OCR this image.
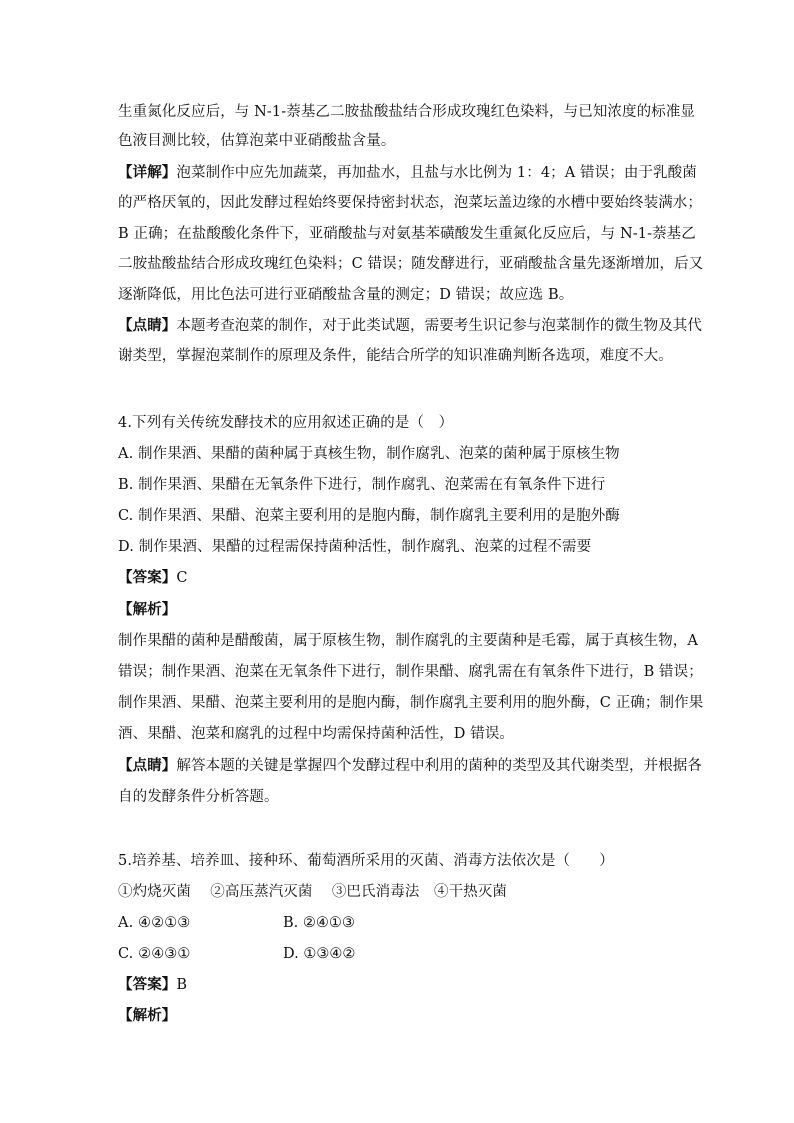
生重氮化反应后，与 N-1-萘基乙二胺盐酸盐结合形成玫瑰红色染料，与已知浓度的标准显
色液目测比较，估算泡菜中亚硝酸盐含量。
【详解】泡菜制作中应先加蔬菜，再加盐水，且盐与水比例为 1：4；A 错误；由于乳酸菌
的严格厌氧的，因此发酵过程始终要保持密封状态，泡菜坛盖边缘的水槽中要始终装满水；
B 正确；在盐酸酸化条件下，亚硝酸盐与对氨基苯磺酸发生重氮化反应后，与 N-1-萘基乙
二胺盐酸盐结合形成玫瑰红色染料；C 错误；随发酵进行，亚硝酸盐含量先逐渐增加，后又
逐渐降低，用比色法可进行亚硝酸盐含量的测定；D 错误；故应选 B。
【点睛】本题考查泡菜的制作，对于此类试题，需要考生识记参与泡菜制作的微生物及其代
谢类型，掌握泡菜制作的原理及条件，能结合所学的知识准确判断各选项，难度不大。
4.下列有关传统发酵技术的应用叙述正确的是（　）
A. 制作果酒、果醋的菌种属于真核生物，制作腐乳、泡菜的菌种属于原核生物
B. 制作果酒、果醋在无氧条件下进行，制作腐乳、泡菜需在有氧条件下进行
C. 制作果酒、果醋、泡菜主要利用的是胞内酶，制作腐乳主要利用的是胞外酶
D. 制作果酒、果醋的过程需保持菌种活性，制作腐乳、泡菜的过程不需要
【答案】C
【解析】
制作果醋的菌种是醋酸菌，属于原核生物，制作腐乳的主要菌种是毛霉，属于真核生物，A
错误；制作果酒、泡菜在无氧条件下进行，制作果醋、腐乳需在有氧条件下进行，B 错误；
制作果酒、果醋、泡菜主要利用的是胞内酶，制作腐乳主要利用的胞外酶，C 正确；制作果
酒、果醋、泡菜和腐乳的过程中均需保持菌种活性，D 错误。
【点睛】解答本题的关键是掌握四个发酵过程中利用的菌种的类型及其代谢类型，并根据各
自的发酵条件分析答题。
5.培养基、培养皿、接种环、葡萄酒所采用的灭菌、消毒方法依次是（　　）
①灼烧灭菌　 ②高压蒸汽灭菌　 ③巴氏消毒法　④干热灭菌
A. ④②①③	B. ②④①③
C. ②④③①	D. ①③④②
【答案】B
【解析】
